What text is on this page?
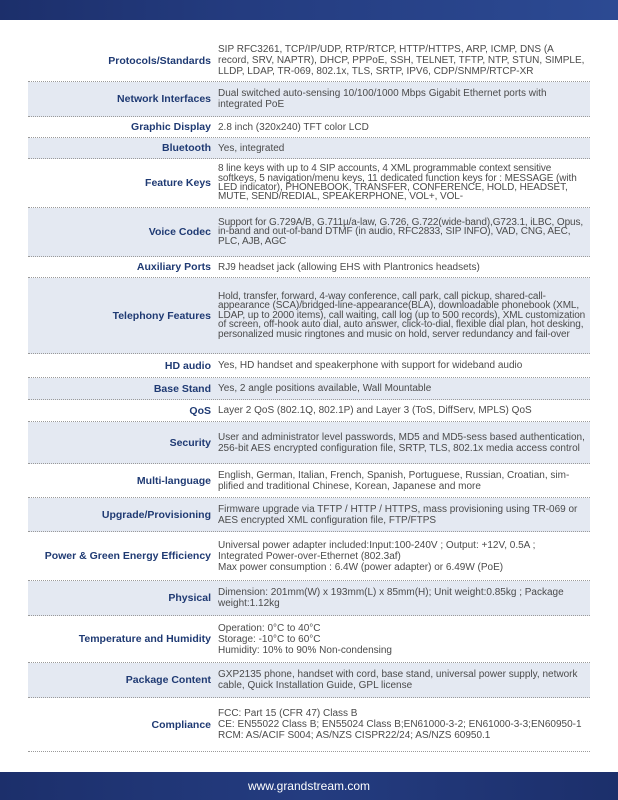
Protocols/Standards
SIP RFC3261, TCP/IP/UDP, RTP/RTCP, HTTP/HTTPS, ARP, ICMP, DNS (A record, SRV, NAPTR), DHCP, PPPoE, SSH, TELNET, TFTP, NTP, STUN, SIMPLE, LLDP, LDAP, TR-069, 802.1x, TLS, SRTP, IPV6, CDP/SNMP/RTCP-XR
Network Interfaces Dual switched auto-sensing 10/100/1000 Mbps Gigabit Ethernet ports with integrated PoE
Graphic Display 2.8 inch (320x240) TFT color LCD
Bluetooth Yes, integrated
Feature Keys
8 line keys with up to 4 SIP accounts, 4 XML programmable context sensitive softkeys, 5 navigation/menu keys, 11 dedicated function keys for : MESSAGE (with LED indicator), PHONEBOOK, TRANSFER, CONFERENCE, HOLD, HEADSET, MUTE, SEND/REDIAL, SPEAKERPHONE, VOL+, VOL-
Voice Codec
Support for G.729A/B, G.711µ/a-law, G.726, G.722(wide-band),G723.1, iLBC, Opus, in-band and out-of-band DTMF (in audio, RFC2833, SIP INFO), VAD, CNG, AEC, PLC, AJB, AGC
Auxiliary Ports RJ9 headset jack (allowing EHS with Plantronics headsets)
Telephony Features
Hold, transfer, forward, 4-way conference, call park, call pickup, shared-call-appearance (SCA)/bridged-line-appearance(BLA), downloadable phonebook (XML, LDAP, up to 2000 items), call waiting, call log (up to 500 records), XML customization of screen, off-hook auto dial, auto answer, click-to-dial, flexible dial plan, hot desking, personalized music ringtones and music on hold, server redundancy and fail-over
HD audio Yes, HD handset and speakerphone with support for wideband audio
Base Stand Yes, 2 angle positions available, Wall Mountable
QoS Layer 2 QoS (802.1Q, 802.1P) and Layer 3 (ToS, DiffServ, MPLS) QoS
Security User and administrator level passwords, MD5 and MD5-sess based authentication, 256-bit AES encrypted configuration file, SRTP, TLS, 802.1x media access control
Multi-language English, German, Italian, French, Spanish, Portuguese, Russian, Croatian, sim-plified and traditional Chinese, Korean, Japanese and more
Upgrade/Provisioning Firmware upgrade via TFTP / HTTP / HTTPS, mass provisioning using TR-069 or AES encrypted XML configuration file, FTP/FTPS
Power & Green Energy Efficiency
Universal power adapter included:Input:100-240V ; Output: +12V, 0.5A ;
Integrated Power-over-Ethernet (802.3af)
Max power consumption : 6.4W (power adapter) or 6.49W (PoE)
Physical Dimension: 201mm(W) x 193mm(L) x 85mm(H); Unit weight:0.85kg ; Package weight:1.12kg
Temperature and Humidity
Operation: 0°C to 40°C
Storage: -10°C to 60°C
Humidity: 10% to 90% Non-condensing
Package Content GXP2135 phone, handset with cord, base stand, universal power supply, network cable, Quick Installation Guide, GPL license
Compliance
FCC: Part 15 (CFR 47) Class B
CE: EN55022 Class B; EN55024 Class B;EN61000-3-2; EN61000-3-3;EN60950-1
RCM: AS/ACIF S004; AS/NZS CISPR22/24; AS/NZS 60950.1
www.grandstream.com
